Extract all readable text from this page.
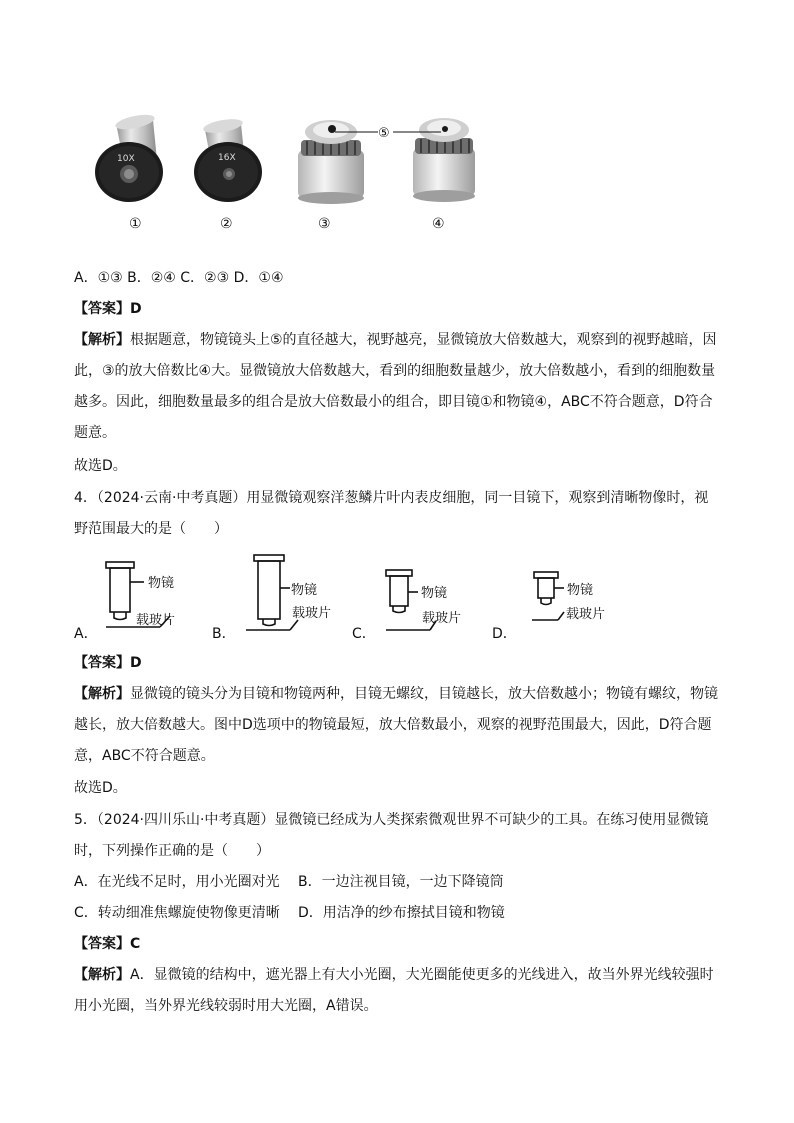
10X	16X
⑤
①	②	③	④
A．①③ B．②④ C．②③ D．①④
【答案】D
【解析】根据题意，物镜镜头上⑤的直径越大，视野越亮，显微镜放大倍数越大，观察到的视野越暗，因此，③的放大倍数比④大。显微镜放大倍数越大，看到的细胞数量越少，放大倍数越小，看到的细胞数量越多。因此，细胞数量最多的组合是放大倍数最小的组合，即目镜①和物镜④，ABC不符合题意，D符合题意。
故选D。
4．（2024·云南·中考真题）用显微镜观察洋葱鳞片叶内表皮细胞，同一目镜下，观察到清晰物像时，视
野范围最大的是（　　）
物镜
载玻片
物镜
载玻片
物镜
载玻片
物镜
载玻片
A．	B．	C．	D．
【答案】D
【解析】显微镜的镜头分为目镜和物镜两种，目镜无螺纹，目镜越长，放大倍数越小；物镜有螺纹，物镜越长，放大倍数越大。图中D选项中的物镜最短，放大倍数最小，观察的视野范围最大，因此，D符合题意，ABC不符合题意。
故选D。
5．（2024·四川乐山·中考真题）显微镜已经成为人类探索微观世界不可缺少的工具。在练习使用显微镜
时，下列操作正确的是（　　）
A．在光线不足时，用小光圈对光 B．一边注视目镜，一边下降镜筒
C．转动细准焦螺旋使物像更清晰 D．用洁净的纱布擦拭目镜和物镜
【答案】C
【解析】A．显微镜的结构中，遮光器上有大小光圈，大光圈能使更多的光线进入，故当外界光线较强时用小光圈，当外界光线较弱时用大光圈，A错误。
